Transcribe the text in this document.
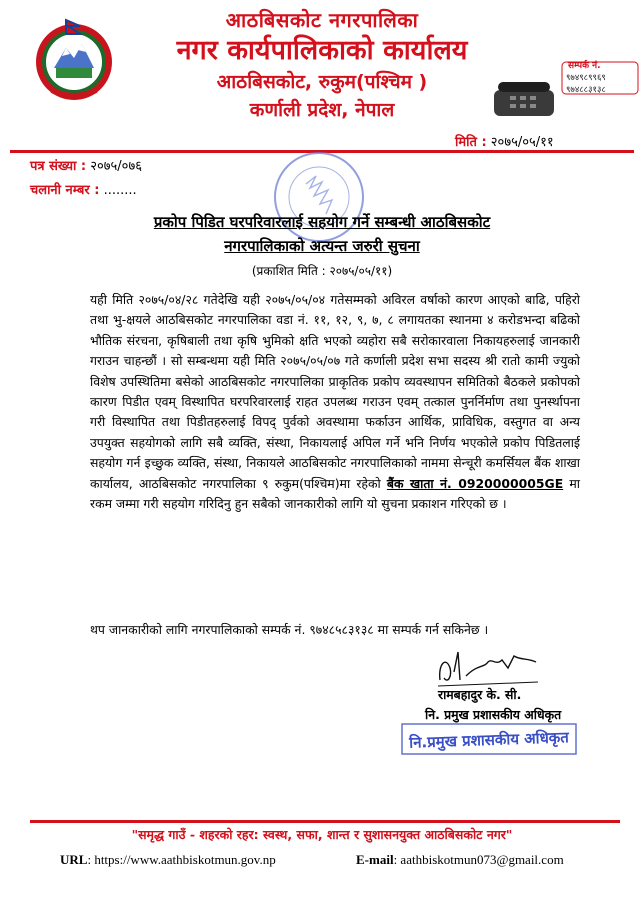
आठबिसकोट नगरपालिका
नगर कार्यपालिकाको कार्यालय
आठबिसकोट, रुकुम(पश्चिम )
कर्णाली प्रदेश, नेपाल
सम्पर्क नं.
९७४९८९९६९
९७४८८३१३८
मिति : २०७५/०५/११
पत्र संख्या : २०७५/०७६
चलानी नम्बर : ........
प्रकोप पिडित घरपरिवारलाई सहयोग गर्ने सम्बन्धी आठबिसकोट
नगरपालिकाको अत्यन्त जरुरी सुचना
(प्रकाशित मिति : २०७५/०५/११)
यही मिति २०७५/०४/२८ गतेदेखि यही २०७५/०५/०४ गतेसम्मको अविरल वर्षाको कारण आएको बाढि, पहिरो तथा भु-क्षयले आठबिसकोट नगरपालिका वडा नं. ११, १२, ९, ७, ८ लगायतका स्थानमा ४ करोडभन्दा बढिको भौतिक संरचना, कृषिबाली तथा कृषि भुमिको क्षति भएको व्यहोरा सबै सरोकारवाला निकायहरुलाई जानकारी गराउन चाहन्छौं । सो सम्बन्धमा यही मिति २०७५/०५/०७ गते कर्णाली प्रदेश सभा सदस्य श्री रातो कामी ज्युको विशेष उपस्थितिमा बसेको आठबिसकोट नगरपालिका प्राकृतिक प्रकोप व्यवस्थापन समितिको बैठकले प्रकोपको कारण पिडीत एवम् विस्थापित घरपरिवारलाई राहत उपलब्ध गराउन एवम् तत्काल पुनर्निर्माण तथा पुनर्स्थापना गरी विस्थापित तथा पिडीतहरुलाई विपद् पुर्वको अवस्थामा फर्काउन आर्थिक, प्राविधिक, वस्तुगत वा अन्य उपयुक्त सहयोगको लागि सबै व्यक्ति, संस्था, निकायलाई अपिल गर्ने भनि निर्णय भएकोले प्रकोप पिडितलाई सहयोग गर्न इच्छुक व्यक्ति, संस्था, निकायले आठबिसकोट नगरपालिकाको नाममा सेन्चूरी कमर्सियल बैंक शाखा कार्यालय, आठबिसकोट नगरपालिका ९ रुकुम(पश्चिम)मा रहेको बैंक खाता नं. 0920000005GE मा रकम जम्मा गरी सहयोग गरिदिनु हुन सबैको जानकारीको लागि यो सुचना प्रकाशन गरिएको छ ।
थप जानकारीको लागि नगरपालिकाको सम्पर्क नं. ९७४८५८३१३८ मा सम्पर्क गर्न सकिनेछ ।
रामबहादुर के. सी.
नि. प्रमुख प्रशासकीय अधिकृत
नि.प्रमुख प्रशासकीय अधिकृत
"समृद्ध गाउँ - शहरको रहर: स्वस्थ, सफा, शान्त र सुशासनयुक्त आठबिसकोट नगर"
URL: https://www.aathbiskotmun.gov.np	E-mail: aathbiskotmun073@gmail.com
